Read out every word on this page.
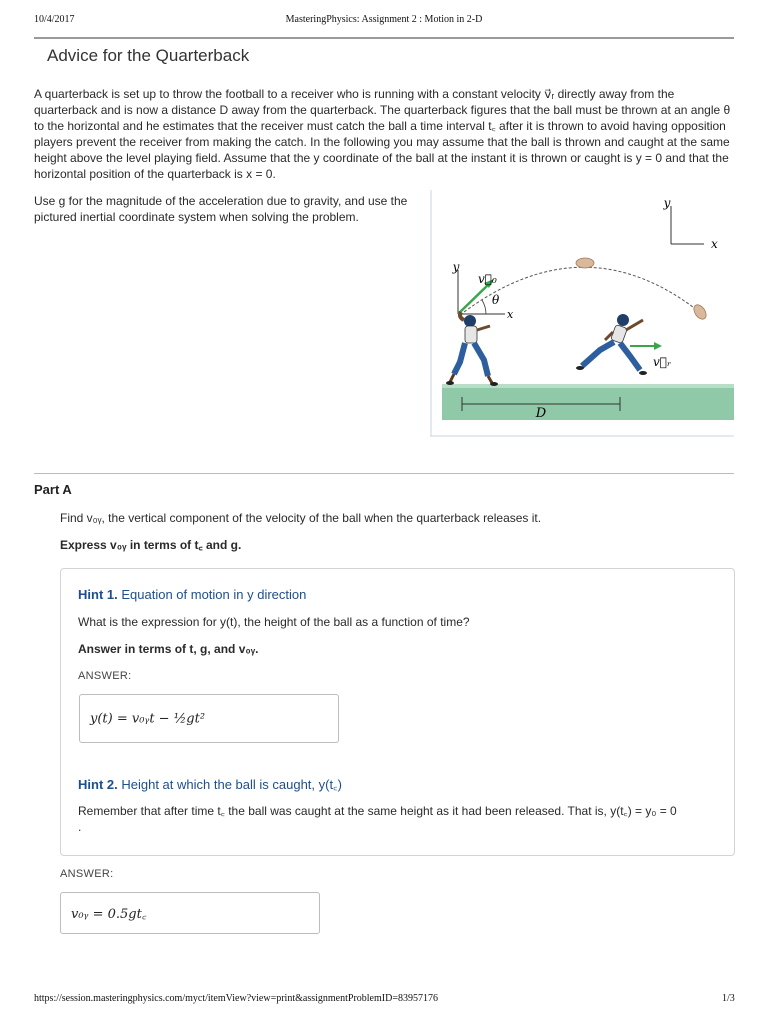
10/4/2017	MasteringPhysics: Assignment 2 : Motion in 2-D
Advice for the Quarterback

A quarterback is set up to throw the football to a receiver who is running with a constant velocity v⃗ᵣ directly away from the quarterback and is now a distance D away from the quarterback. The quarterback figures that the ball must be thrown at an angle θ to the horizontal and he estimates that the receiver must catch the ball a time interval t꜀ after it is thrown to avoid having opposition players prevent the receiver from making the catch. In the following you may assume that the ball is thrown and caught at the same height above the level playing field. Assume that the y coordinate of the ball at the instant it is thrown or caught is y = 0 and that the horizontal position of the quarterback is x = 0.

Use g for the magnitude of the acceleration due to gravity, and use the pictured inertial coordinate system when solving the problem.

y
x
y
x
v⃗₀
θ
v⃗ᵣ
D
Part A

Find v₀ᵧ, the vertical component of the velocity of the ball when the quarterback releases it.

Express v₀ᵧ in terms of t꜀ and g.

Hint 1. Equation of motion in y direction

What is the expression for y(t), the height of the ball as a function of time?

Answer in terms of t, g, and v₀ᵧ.

ANSWER:
y(t) = v₀ᵧt − ½gt²
Hint 2. Height at which the ball is caught, y(t꜀)

Remember that after time t꜀ the ball was caught at the same height as it had been released. That is, y(t꜀) = y₀ = 0

.

ANSWER:
v₀ᵧ = 0.5gt꜀
https://session.masteringphysics.com/myct/itemView?view=print&assignmentProblemID=83957176	1/3
